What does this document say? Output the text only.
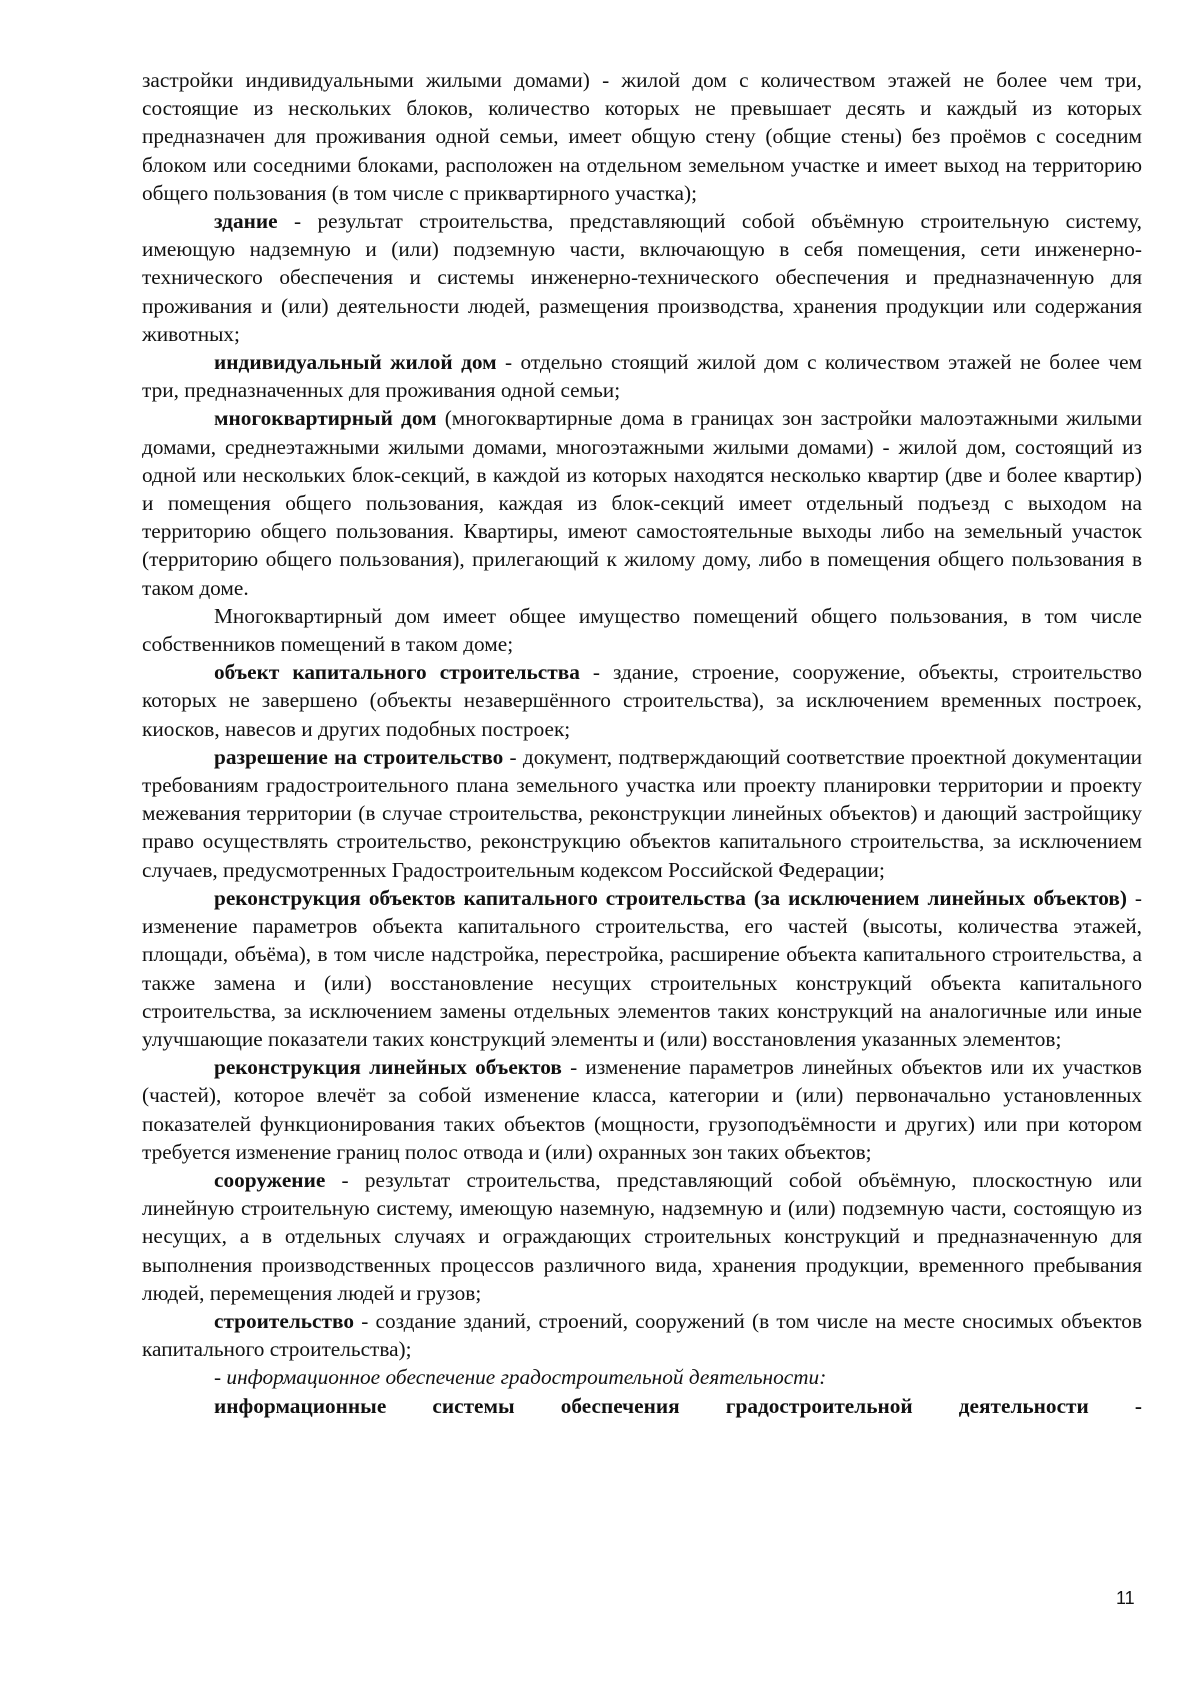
застройки индивидуальными жилыми домами) - жилой дом с количеством этажей не более чем три, состоящие из нескольких блоков, количество которых не превышает десять и каждый из которых предназначен для проживания одной семьи, имеет общую стену (общие стены) без проёмов с соседним блоком или соседними блоками, расположен на отдельном земельном участке и имеет выход на территорию общего пользования (в том числе с приквартирного участка);

здание - результат строительства, представляющий собой объёмную строительную систему, имеющую надземную и (или) подземную части, включающую в себя помещения, сети инженерно-технического обеспечения и системы инженерно-технического обеспечения и предназначенную для проживания и (или) деятельности людей, размещения производства, хранения продукции или содержания животных;

индивидуальный жилой дом - отдельно стоящий жилой дом с количеством этажей не более чем три, предназначенных для проживания одной семьи;

многоквартирный дом (многоквартирные дома в границах зон застройки малоэтажными жилыми домами, среднеэтажными жилыми домами, многоэтажными жилыми домами) - жилой дом, состоящий из одной или нескольких блок-секций, в каждой из которых находятся несколько квартир (две и более квартир) и помещения общего пользования, каждая из блок-секций имеет отдельный подъезд с выходом на территорию общего пользования. Квартиры, имеют самостоятельные выходы либо на земельный участок (территорию общего пользования), прилегающий к жилому дому, либо в помещения общего пользования в таком доме.

Многоквартирный дом имеет общее имущество помещений общего пользования, в том числе собственников помещений в таком доме;

объект капитального строительства - здание, строение, сооружение, объекты, строительство которых не завершено (объекты незавершённого строительства), за исключением временных построек, киосков, навесов и других подобных построек;

разрешение на строительство - документ, подтверждающий соответствие проектной документации требованиям градостроительного плана земельного участка или проекту планировки территории и проекту межевания территории (в случае строительства, реконструкции линейных объектов) и дающий застройщику право осуществлять строительство, реконструкцию объектов капитального строительства, за исключением случаев, предусмотренных Градостроительным кодексом Российской Федерации;

реконструкция объектов капитального строительства (за исключением линейных объектов) - изменение параметров объекта капитального строительства, его частей (высоты, количества этажей, площади, объёма), в том числе надстройка, перестройка, расширение объекта капитального строительства, а также замена и (или) восстановление несущих строительных конструкций объекта капитального строительства, за исключением замены отдельных элементов таких конструкций на аналогичные или иные улучшающие показатели таких конструкций элементы и (или) восстановления указанных элементов;

реконструкция линейных объектов - изменение параметров линейных объектов или их участков (частей), которое влечёт за собой изменение класса, категории и (или) первоначально установленных показателей функционирования таких объектов (мощности, грузоподъёмности и других) или при котором требуется изменение границ полос отвода и (или) охранных зон таких объектов;

сооружение - результат строительства, представляющий собой объёмную, плоскостную или линейную строительную систему, имеющую наземную, надземную и (или) подземную части, состоящую из несущих, а в отдельных случаях и ограждающих строительных конструкций и предназначенную для выполнения производственных процессов различного вида, хранения продукции, временного пребывания людей, перемещения людей и грузов;

строительство - создание зданий, строений, сооружений (в том числе на месте сносимых объектов капитального строительства);

- информационное обеспечение градостроительной деятельности:

информационные системы обеспечения градостроительной деятельности -

11
